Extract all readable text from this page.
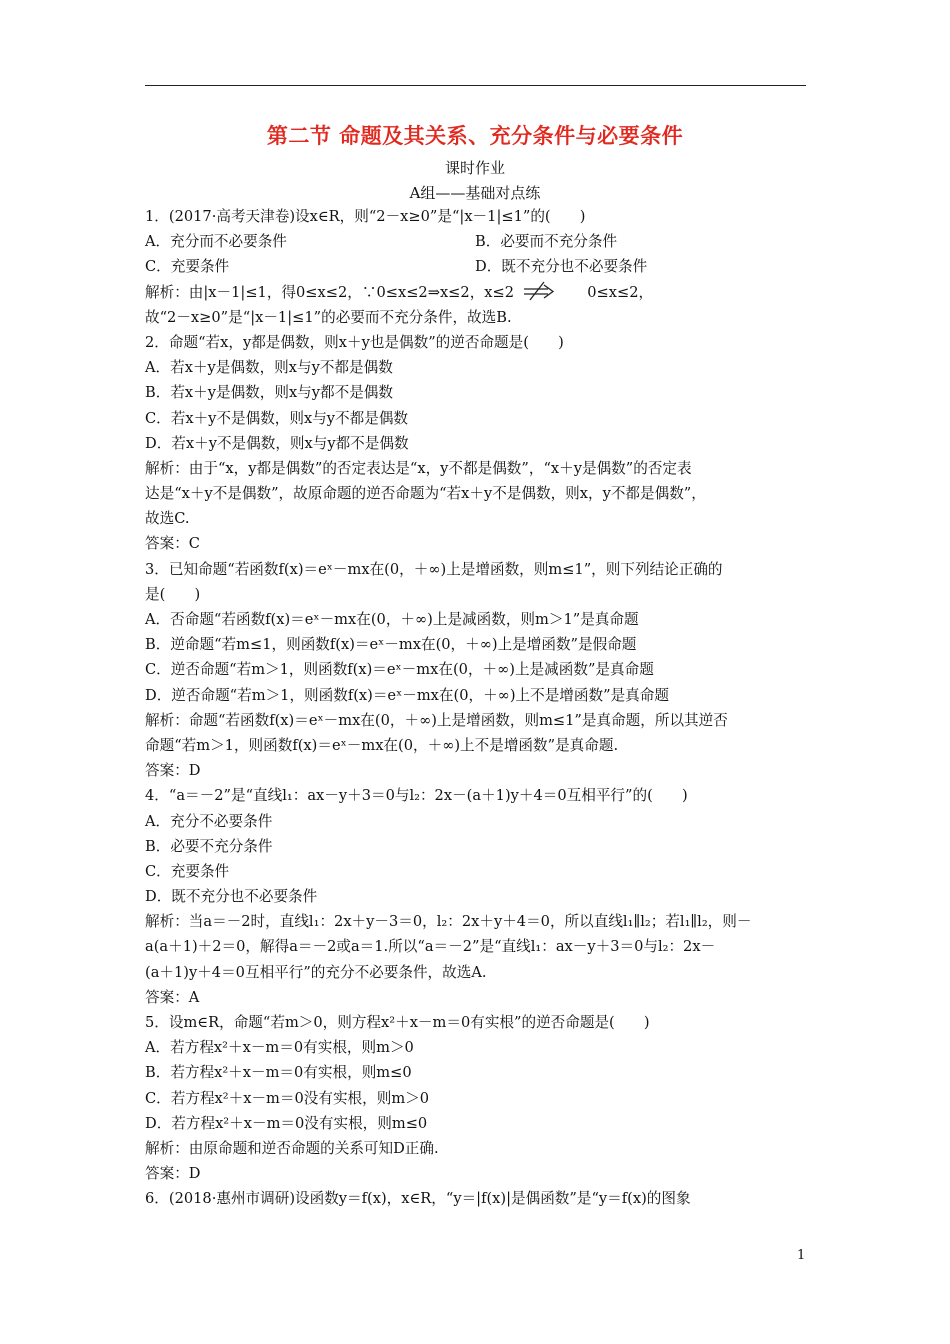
第二节 命题及其关系、充分条件与必要条件
课时作业
A组——基础对点练
1．(2017·高考天津卷)设x∈R，则“2－x≥0”是“|x－1|≤1”的(　　)
A．充分而不必要条件	B．必要而不充分条件
C．充要条件	D．既不充分也不必要条件
解析：由|x－1|≤1，得0≤x≤2，∵0≤x≤2⇒x≤2，x≤2	0≤x≤2，
故“2－x≥0”是“|x－1|≤1”的必要而不充分条件，故选B.
2．命题“若x，y都是偶数，则x＋y也是偶数”的逆否命题是(　　)
A．若x＋y是偶数，则x与y不都是偶数
B．若x＋y是偶数，则x与y都不是偶数
C．若x＋y不是偶数，则x与y不都是偶数
D．若x＋y不是偶数，则x与y都不是偶数
解析：由于“x，y都是偶数”的否定表达是“x，y不都是偶数”，“x＋y是偶数”的否定表
达是“x＋y不是偶数”，故原命题的逆否命题为“若x＋y不是偶数，则x，y不都是偶数”，
故选C.
答案：C
3．已知命题“若函数f(x)＝eˣ－mx在(0，＋∞)上是增函数，则m≤1”，则下列结论正确的
是(　　)
A．否命题“若函数f(x)＝eˣ－mx在(0，＋∞)上是减函数，则m＞1”是真命题
B．逆命题“若m≤1，则函数f(x)＝eˣ－mx在(0，＋∞)上是增函数”是假命题
C．逆否命题“若m＞1，则函数f(x)＝eˣ－mx在(0，＋∞)上是减函数”是真命题
D．逆否命题“若m＞1，则函数f(x)＝eˣ－mx在(0，＋∞)上不是增函数”是真命题
解析：命题“若函数f(x)＝eˣ－mx在(0，＋∞)上是增函数，则m≤1”是真命题，所以其逆否
命题“若m＞1，则函数f(x)＝eˣ－mx在(0，＋∞)上不是增函数”是真命题.
答案：D
4．“a＝－2”是“直线l₁：ax－y＋3＝0与l₂：2x－(a＋1)y＋4＝0互相平行”的(　　)
A．充分不必要条件
B．必要不充分条件
C．充要条件
D．既不充分也不必要条件
解析：当a＝－2时，直线l₁：2x＋y－3＝0，l₂：2x＋y＋4＝0，所以直线l₁∥l₂；若l₁∥l₂，则－
a(a＋1)＋2＝0，解得a＝－2或a＝1.所以“a＝－2”是“直线l₁：ax－y＋3＝0与l₂：2x－
(a＋1)y＋4＝0互相平行”的充分不必要条件，故选A.
答案：A
5．设m∈R，命题“若m＞0，则方程x²＋x－m＝0有实根”的逆否命题是(　　)
A．若方程x²＋x－m＝0有实根，则m＞0
B．若方程x²＋x－m＝0有实根，则m≤0
C．若方程x²＋x－m＝0没有实根，则m＞0
D．若方程x²＋x－m＝0没有实根，则m≤0
解析：由原命题和逆否命题的关系可知D正确.
答案：D
6．(2018·惠州市调研)设函数y＝f(x)，x∈R，“y＝|f(x)|是偶函数”是“y＝f(x)的图象
1
